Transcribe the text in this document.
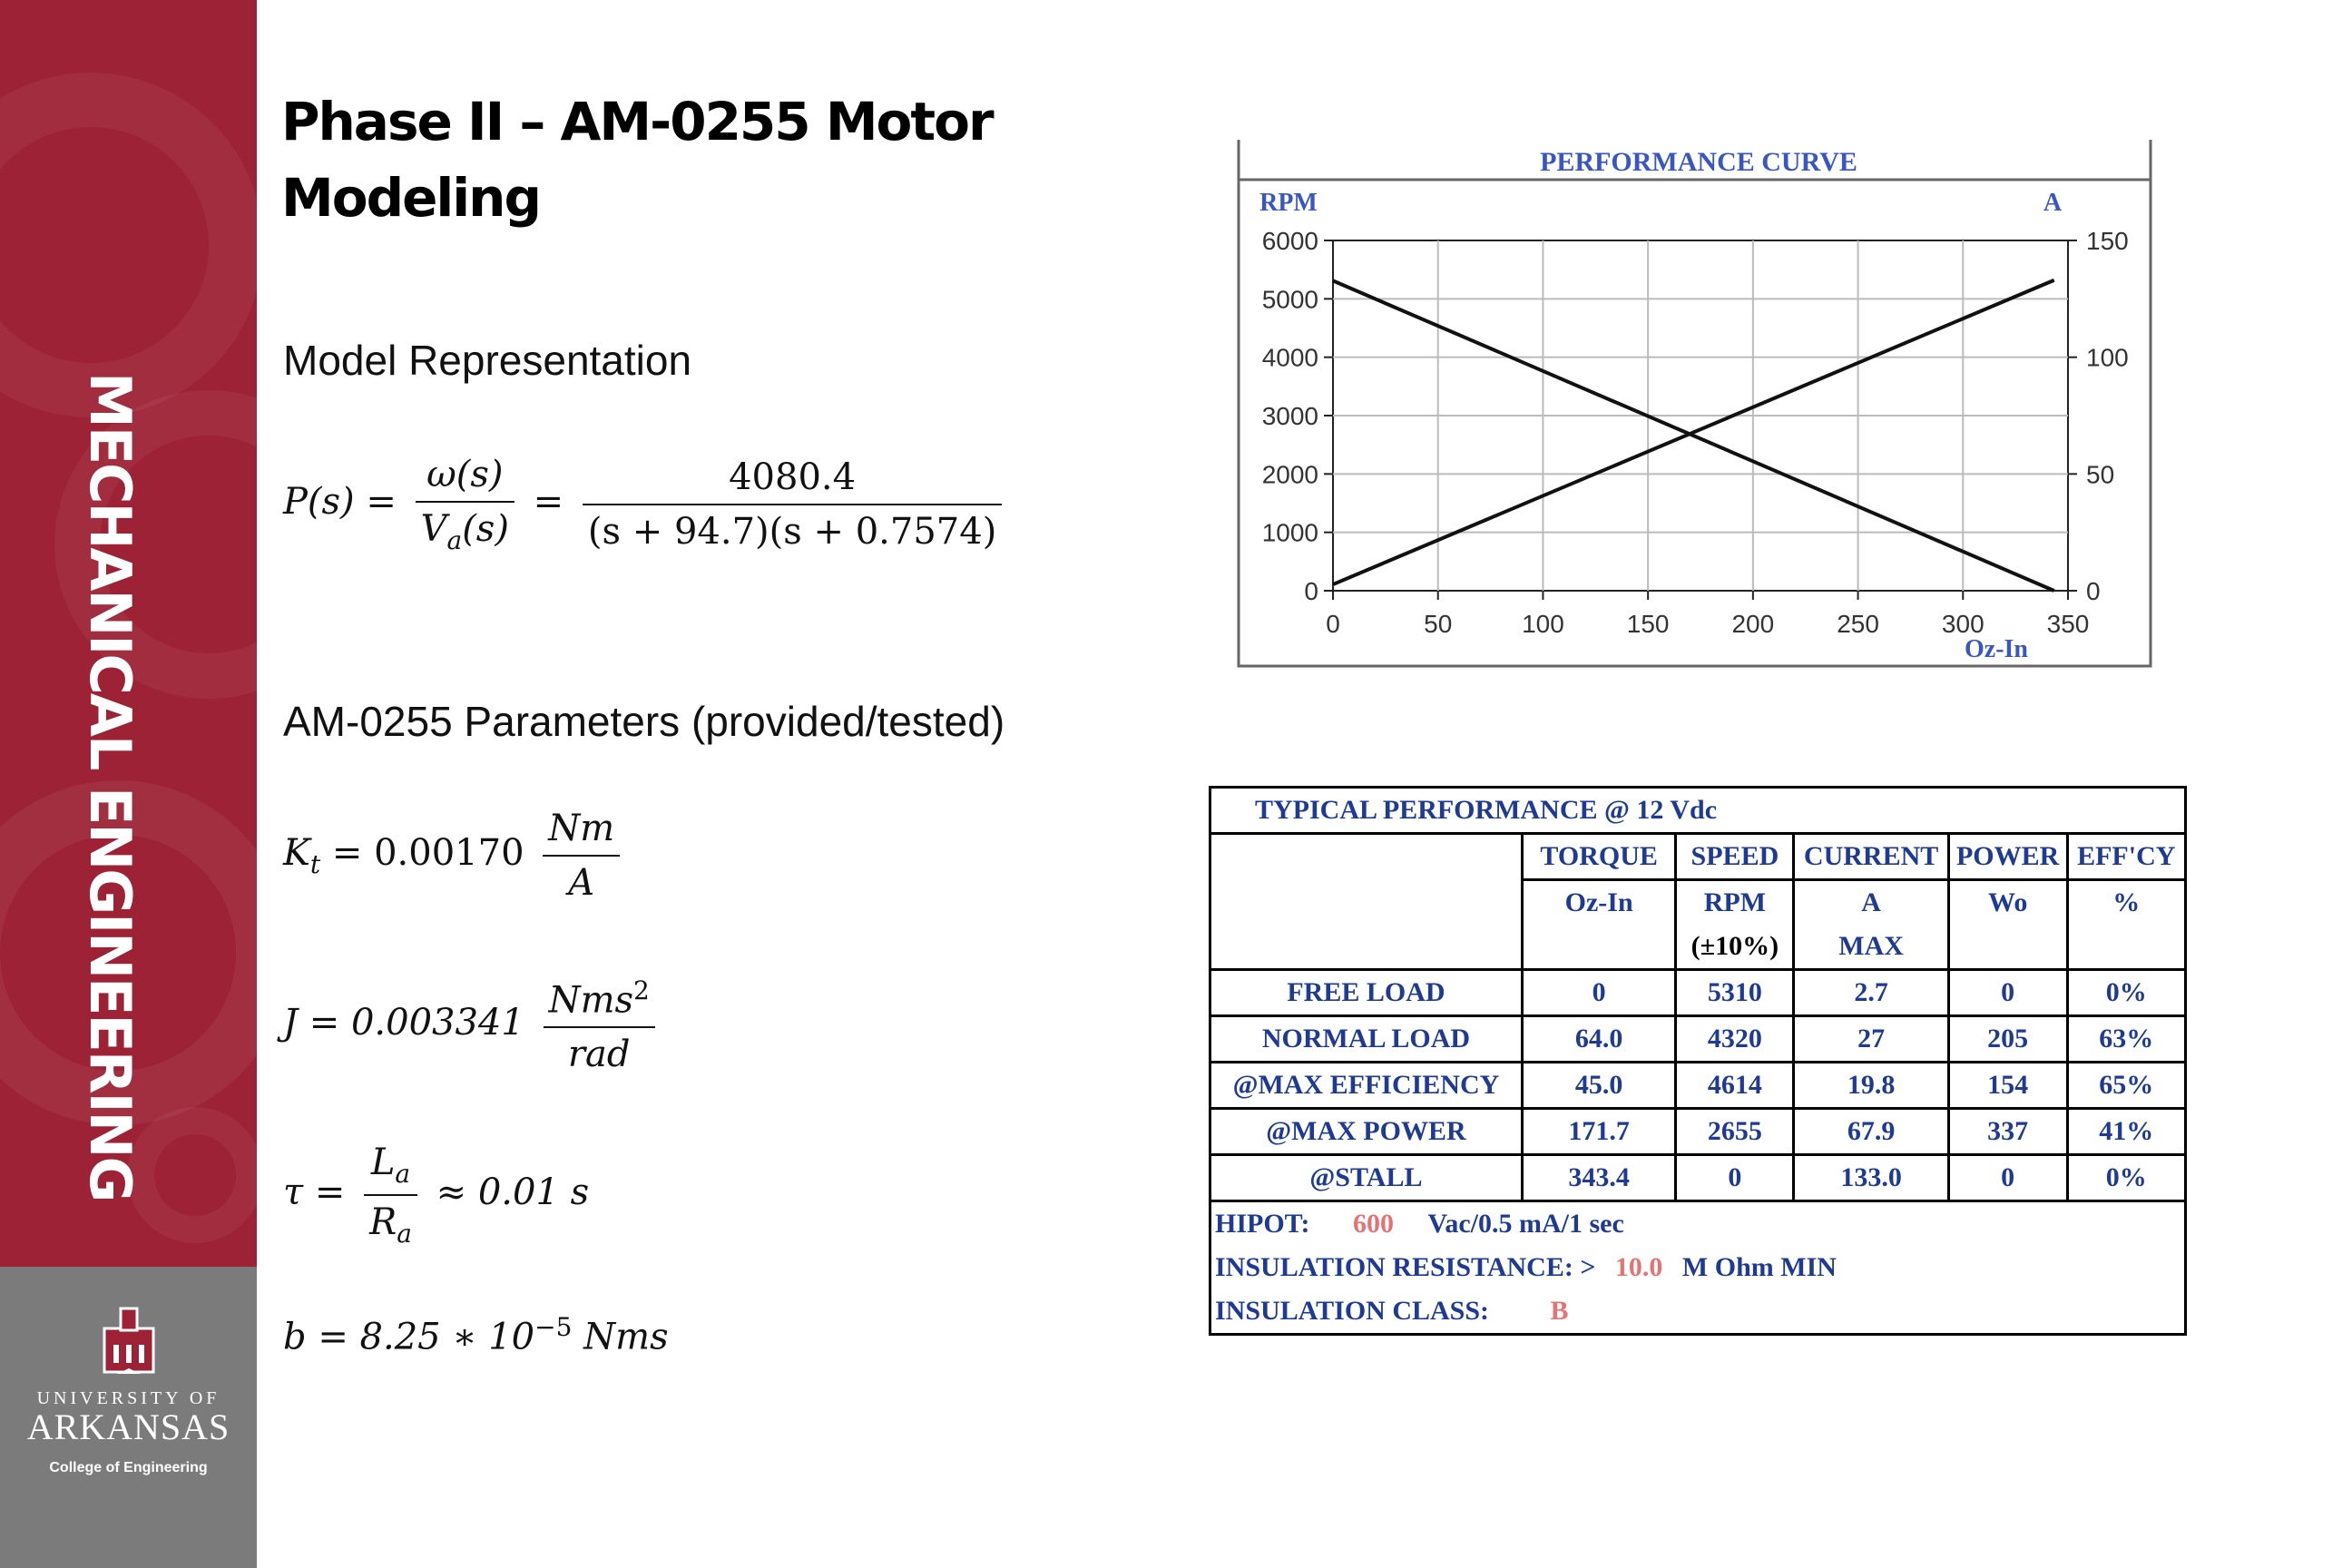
MECHANICAL ENGINEERING
UNIVERSITY OF
ARKANSAS
College of Engineering
Phase II – AM-0255 Motor
Modeling
Model Representation
$P(s) = \frac{\omega(s)}{V_a(s)} = \frac{4080.4}{(s + 94.7)(s + 0.7574)}$
AM-0255 Parameters (provided/tested)
$K_t = 0.00170 \frac{Nm}{A}$
$J = 0.003341 \frac{Nms^2}{\text{rad}}$
$\tau = \frac{L_a}{R_a} \approx 0.01$ s
b = 8.25 ∗ $10^{-5}$ Nms
PERFORMANCE CURVE
RPM	A
Oz-In
0	50	100 150 200 250 300 350
0
1000
2000
3000
4000
5000
6000
0
50
100
150
TYPICAL PERFORMANCE @ 12 Vdc					
	TORQUE	SPEED	CURRENT	POWER	EFF'CY
	Oz-In	RPM	A	Wo	%
		(±10%)	MAX		
FREE LOAD	0	5310	2.7	0	0%
NORMAL LOAD	64.0	4320	27	205	63%
@MAX EFFICIENCY	45.0	4614	19.8	154	65%
@MAX POWER	171.7	2655	67.9	337	41%
@STALL	343.4	0	133.0	0	0%
HIPOT: 600 Vac/0.5 mA/1 sec					
INSULATION RESISTANCE: > 10.0 M Ohm MIN					
INSULATION CLASS: B					
